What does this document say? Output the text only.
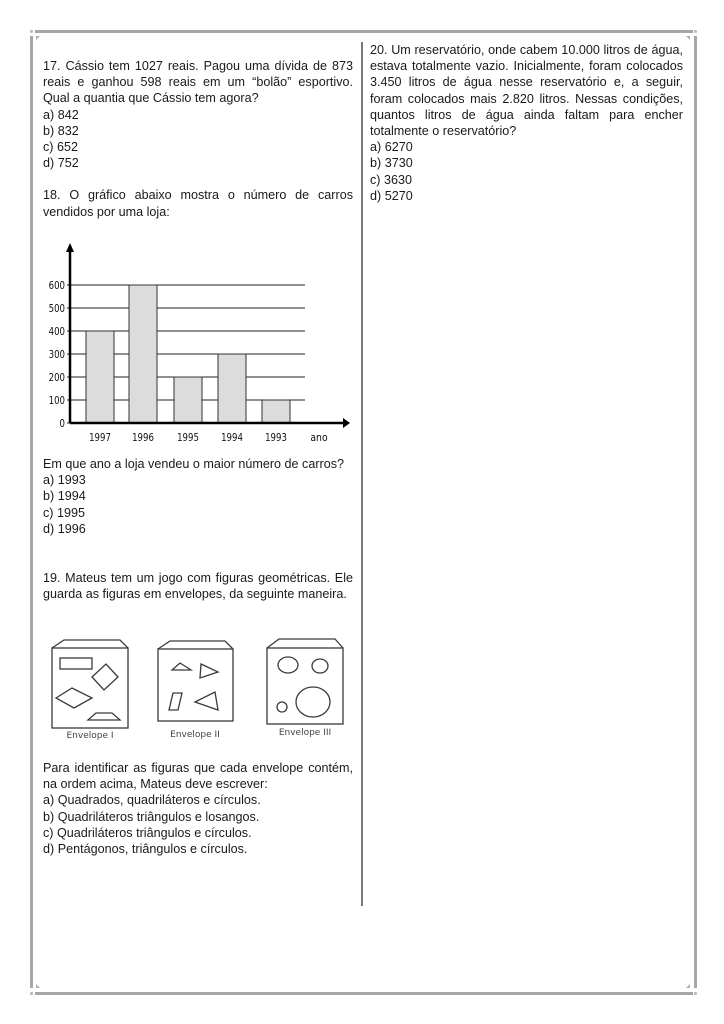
17. Cássio tem 1027 reais. Pagou uma dívida de 873 reais e ganhou 598 reais em um “bolão” esportivo. Qual a quantia que Cássio tem agora?

a) 842

b) 832

c) 652

d) 752

18. O gráfico abaixo mostra o número de carros vendidos por uma loja:

0
100
200
300
400
500
600
1997 1996 1995 1994 1993 ano

Em que ano a loja vendeu o maior número de carros?

a) 1993

b) 1994

c) 1995

d) 1996

19. Mateus tem um jogo com figuras geométricas. Ele guarda as figuras em envelopes, da seguinte maneira.

Envelope I	Envelope II	Envelope III

Para identificar as figuras que cada envelope contém, na ordem acima, Mateus deve escrever:

a) Quadrados, quadriláteros e círculos.

b) Quadriláteros triângulos e losangos.

c) Quadriláteros triângulos e círculos.

d) Pentágonos, triângulos e círculos.

20. Um reservatório, onde cabem 10.000 litros de água, estava totalmente vazio. Inicialmente, foram colocados 3.450 litros de água nesse reservatório e, a seguir, foram colocados mais 2.820 litros. Nessas condições, quantos litros de água ainda faltam para encher totalmente o reservatório?

a) 6270

b) 3730

c) 3630

d) 5270
